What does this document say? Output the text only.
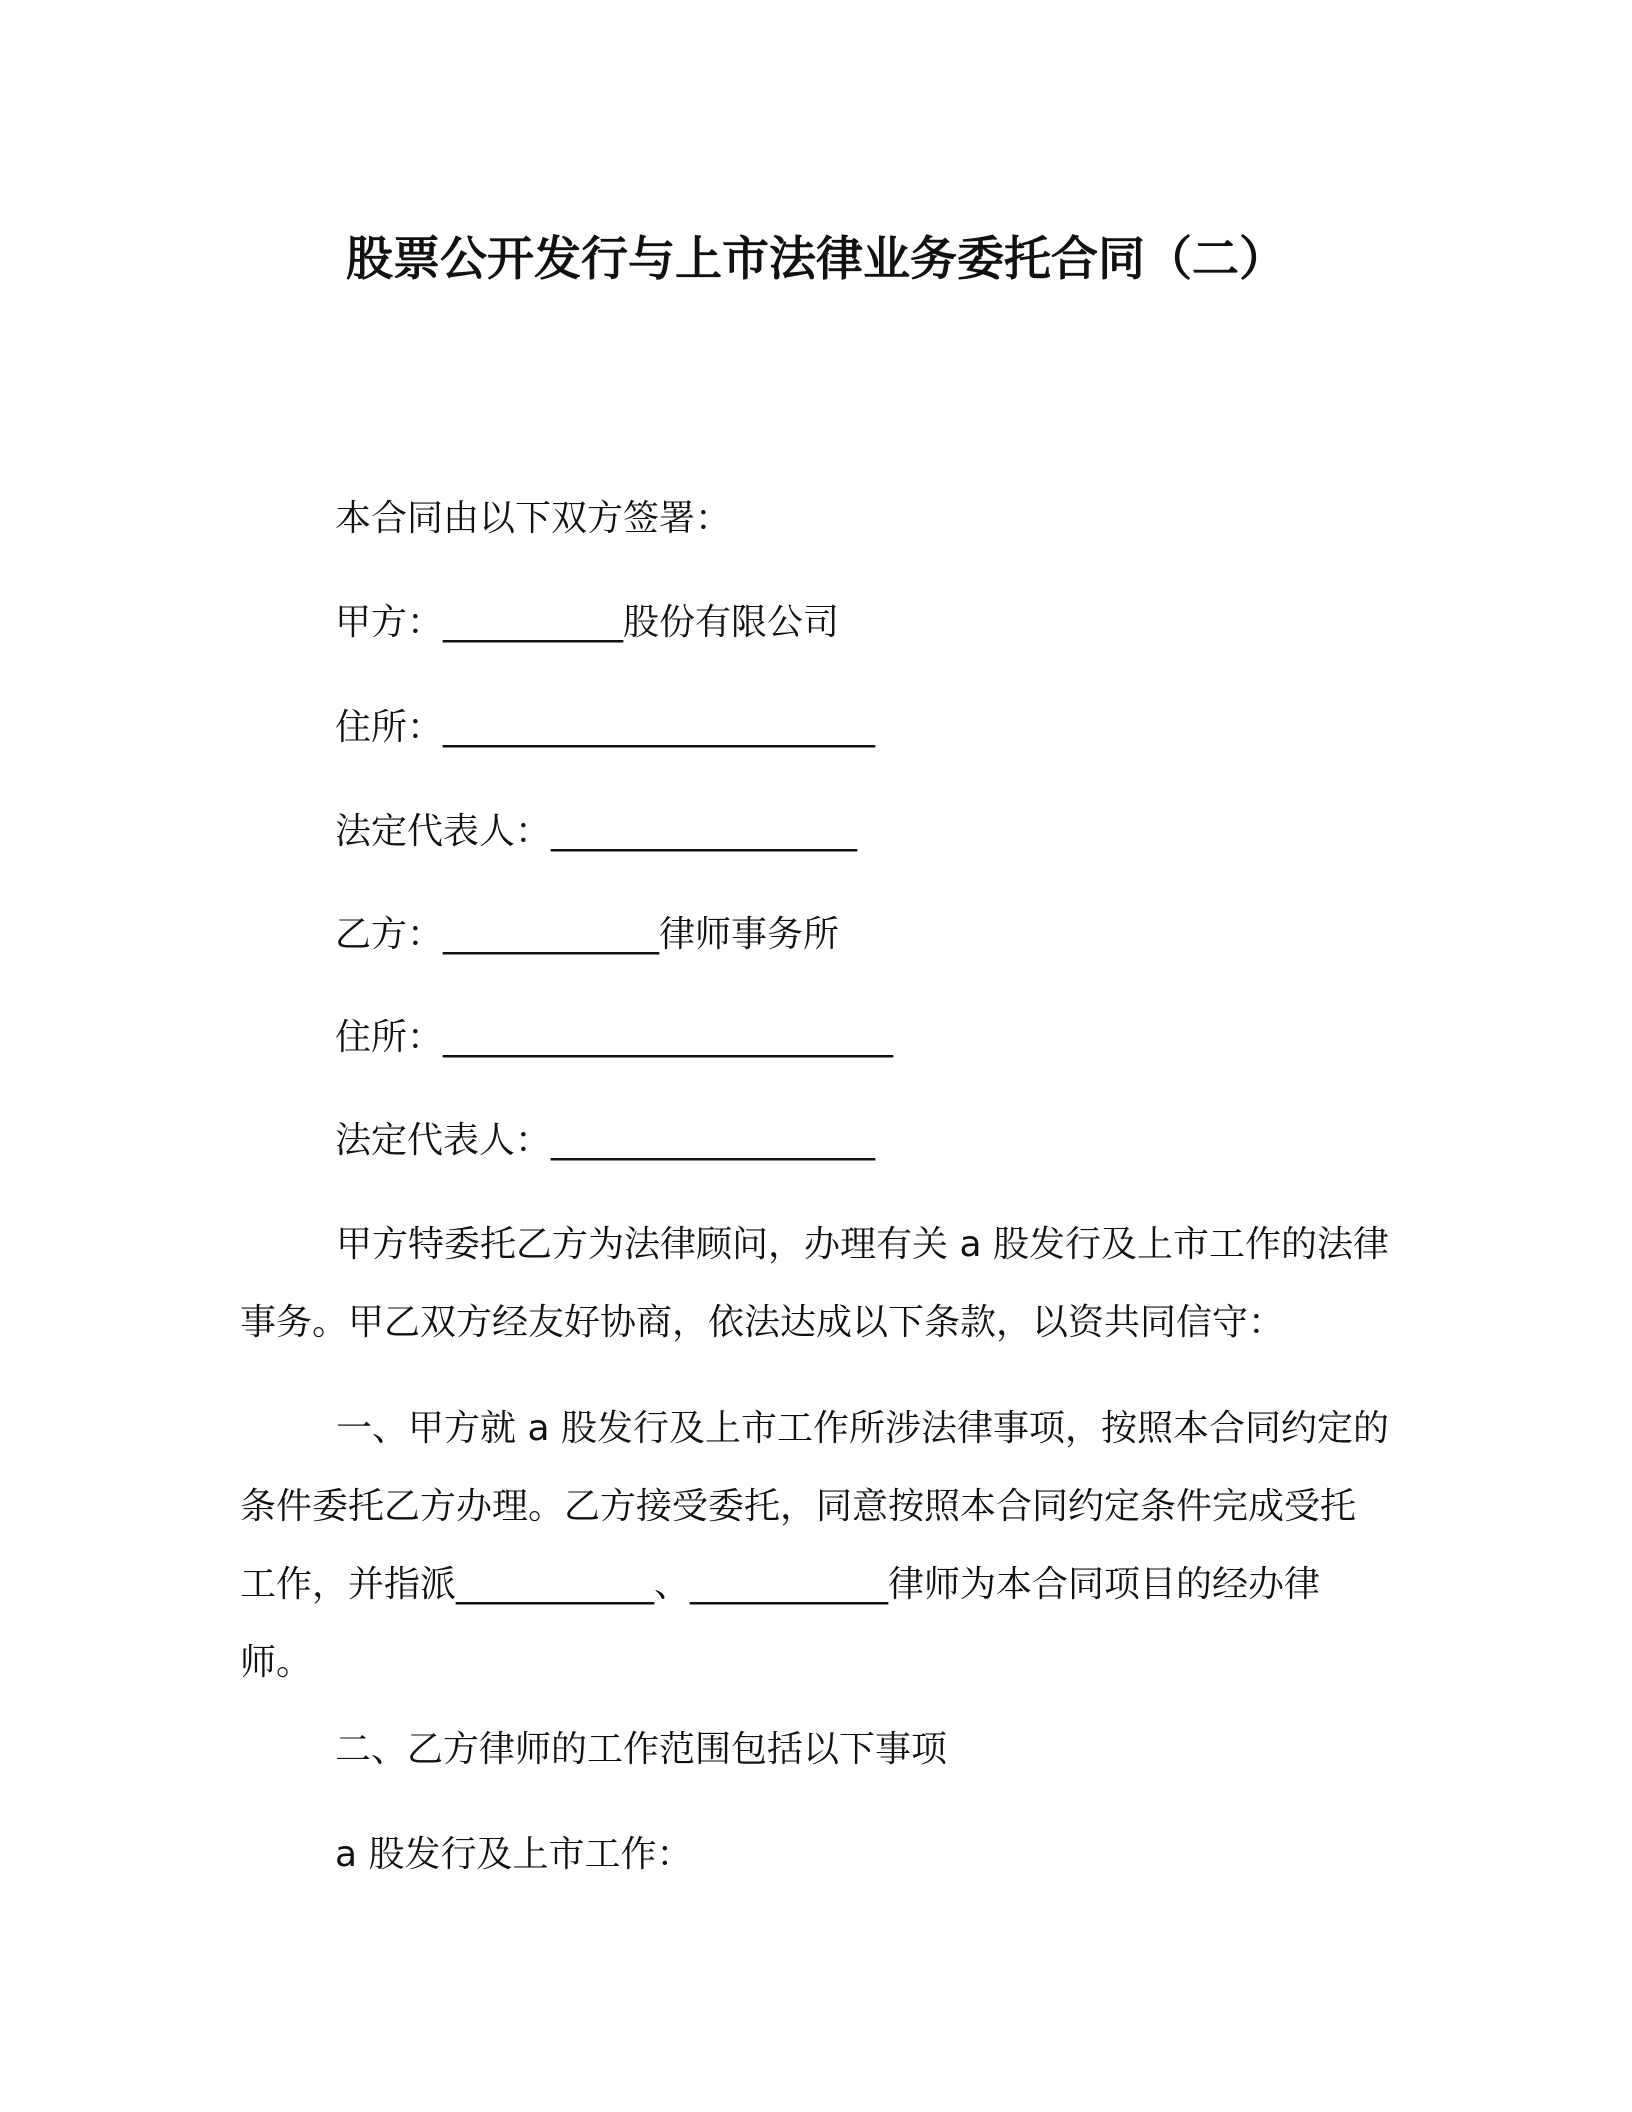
股票公开发行与上市法律业务委托合同（二）
本合同由以下双方签署：
甲方：__________股份有限公司
住所：________________________
法定代表人：_________________
乙方：____________律师事务所
住所：_________________________
法定代表人：__________________
甲方特委托乙方为法律顾问，办理有关 a 股发行及上市工作的法律事务。甲乙双方经友好协商，依法达成以下条款，以资共同信守：
一、甲方就 a 股发行及上市工作所涉法律事项，按照本合同约定的条件委托乙方办理。乙方接受委托，同意按照本合同约定条件完成受托工作，并指派___________、___________律师为本合同项目的经办律师。
二、乙方律师的工作范围包括以下事项
a 股发行及上市工作：
